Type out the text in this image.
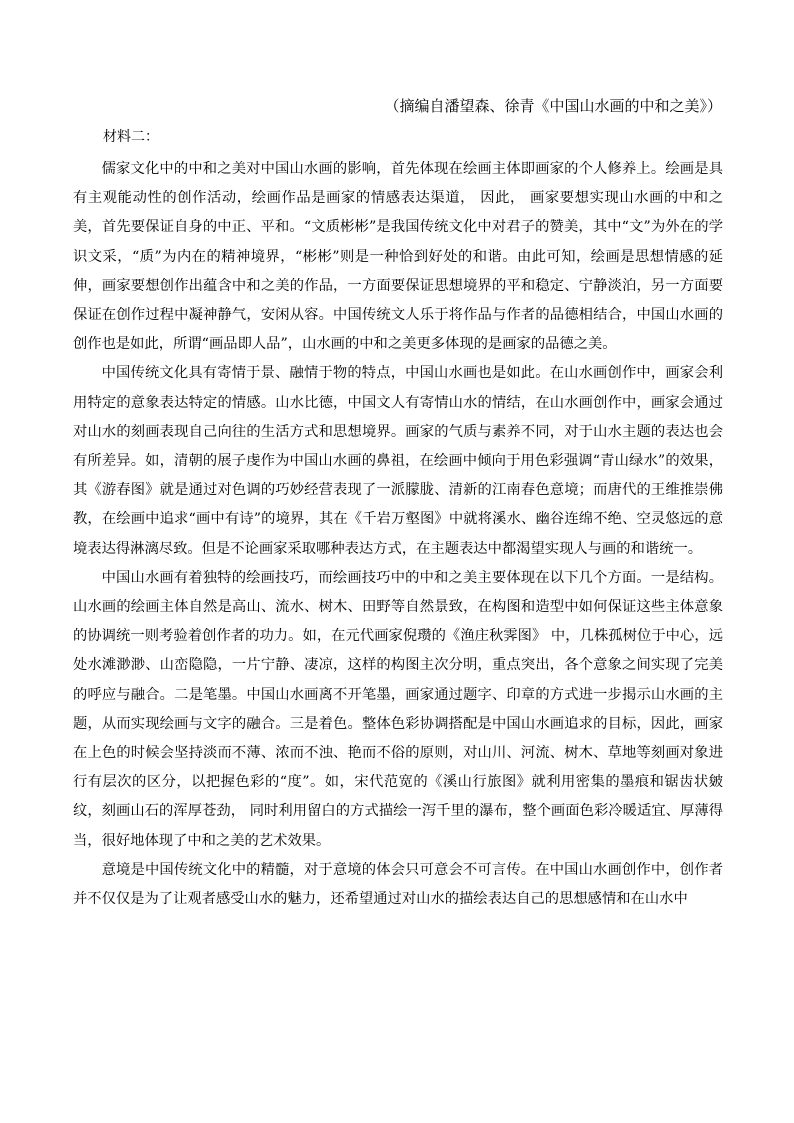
（摘编自潘望森、徐青《中国山水画的中和之美》）
材料二：

儒家文化中的中和之美对中国山水画的影响，首先体现在绘画主体即画家的个人修养上。绘画是具有主观能动性的创作活动，绘画作品是画家的情感表达渠道， 因此， 画家要想实现山水画的中和之美，首先要保证自身的中正、平和。“文质彬彬”是我国传统文化中对君子的赞美，其中“文”为外在的学识文采，“质”为内在的精神境界，“彬彬”则是一种恰到好处的和谐。由此可知，绘画是思想情感的延伸，画家要想创作出蕴含中和之美的作品，一方面要保证思想境界的平和稳定、宁静淡泊，另一方面要保证在创作过程中凝神静气，安闲从容。中国传统文人乐于将作品与作者的品德相结合，中国山水画的创作也是如此，所谓“画品即人品”，山水画的中和之美更多体现的是画家的品德之美。

中国传统文化具有寄情于景、融情于物的特点，中国山水画也是如此。在山水画创作中，画家会利用特定的意象表达特定的情感。山水比德，中国文人有寄情山水的情结，在山水画创作中，画家会通过对山水的刻画表现自己向往的生活方式和思想境界。画家的气质与素养不同，对于山水主题的表达也会有所差异。如，清朝的展子虔作为中国山水画的鼻祖，在绘画中倾向于用色彩强调“青山绿水”的效果，其《游春图》就是通过对色调的巧妙经营表现了一派朦胧、清新的江南春色意境；而唐代的王维推崇佛教，在绘画中追求“画中有诗”的境界，其在《千岩万壑图》中就将溪水、幽谷连绵不绝、空灵悠远的意境表达得淋漓尽致。但是不论画家采取哪种表达方式，在主题表达中都渴望实现人与画的和谐统一。

中国山水画有着独特的绘画技巧，而绘画技巧中的中和之美主要体现在以下几个方面。一是结构。山水画的绘画主体自然是高山、流水、树木、田野等自然景致，在构图和造型中如何保证这些主体意象的协调统一则考验着创作者的功力。如，在元代画家倪瓒的《渔庄秋霁图》 中，几株孤树位于中心，远处水滩渺渺、山峦隐隐，一片宁静、凄凉，这样的构图主次分明，重点突出，各个意象之间实现了完美的呼应与融合。二是笔墨。中国山水画离不开笔墨，画家通过题字、印章的方式进一步揭示山水画的主题，从而实现绘画与文字的融合。三是着色。整体色彩协调搭配是中国山水画追求的目标，因此，画家在上色的时候会坚持淡而不薄、浓而不浊、艳而不俗的原则，对山川、河流、树木、草地等刻画对象进行有层次的区分，以把握色彩的“度”。如，宋代范宽的《溪山行旅图》就利用密集的墨痕和锯齿状皴纹，刻画山石的浑厚苍劲， 同时利用留白的方式描绘一泻千里的瀑布，整个画面色彩冷暖适宜、厚薄得当，很好地体现了中和之美的艺术效果。

意境是中国传统文化中的精髓，对于意境的体会只可意会不可言传。在中国山水画创作中，创作者并不仅仅是为了让观者感受山水的魅力，还希望通过对山水的描绘表达自己的思想感情和在山水中
